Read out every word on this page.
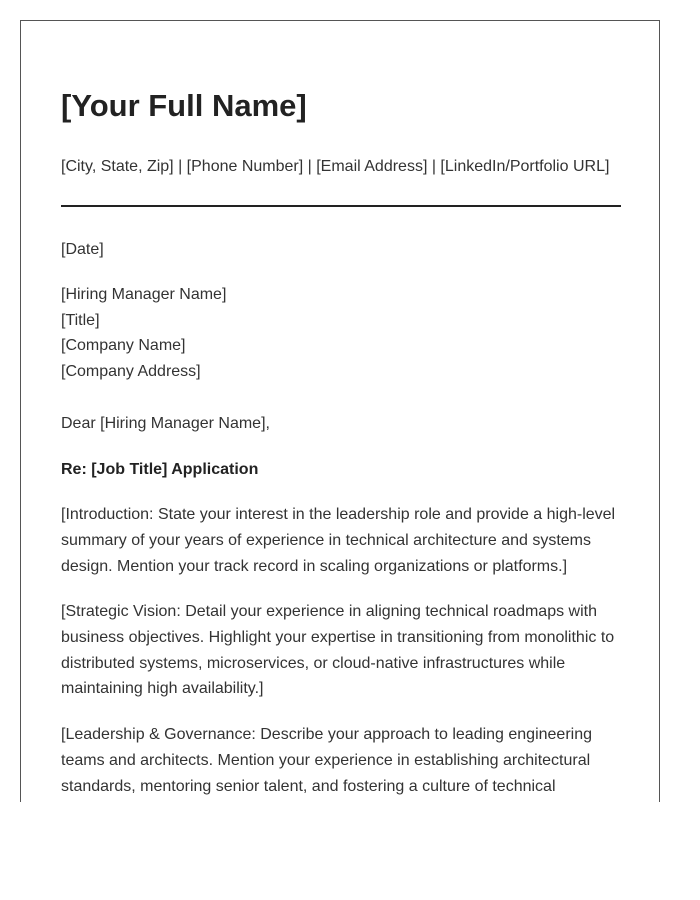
[Your Full Name]

[City, State, Zip] | [Phone Number] | [Email Address] | [LinkedIn/Portfolio URL]

[Date]

[Hiring Manager Name]
[Title]
[Company Name]
[Company Address]

Dear [Hiring Manager Name],

Re: [Job Title] Application

[Introduction: State your interest in the leadership role and provide a high-level summary of your years of experience in technical architecture and systems design. Mention your track record in scaling organizations or platforms.]

[Strategic Vision: Detail your experience in aligning technical roadmaps with business objectives. Highlight your expertise in transitioning from monolithic to distributed systems, microservices, or cloud-native infrastructures while maintaining high availability.]

[Leadership & Governance: Describe your approach to leading engineering teams and architects. Mention your experience in establishing architectural standards, mentoring senior talent, and fostering a culture of technical
